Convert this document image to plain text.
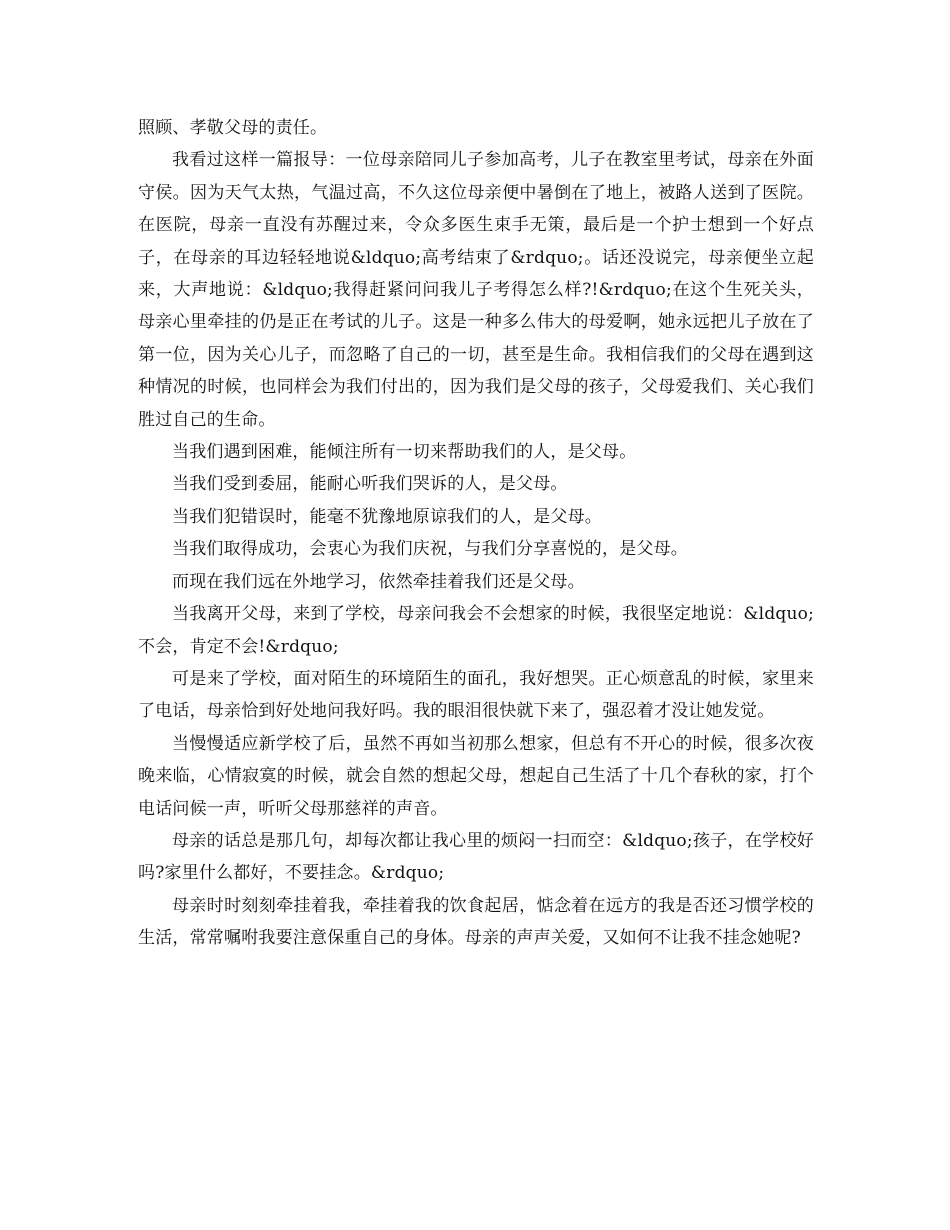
照顾、孝敬父母的责任。

我看过这样一篇报导：一位母亲陪同儿子参加高考，儿子在教室里考试，母亲在外面守侯。因为天气太热，气温过高，不久这位母亲便中暑倒在了地上，被路人送到了医院。在医院，母亲一直没有苏醒过来，令众多医生束手无策，最后是一个护士想到一个好点子，在母亲的耳边轻轻地说&ldquo;高考结束了&rdquo;。话还没说完，母亲便坐立起来，大声地说：&ldquo;我得赶紧问问我儿子考得怎么样?!&rdquo;在这个生死关头，母亲心里牵挂的仍是正在考试的儿子。这是一种多么伟大的母爱啊，她永远把儿子放在了第一位，因为关心儿子，而忽略了自己的一切，甚至是生命。我相信我们的父母在遇到这种情况的时候，也同样会为我们付出的，因为我们是父母的孩子，父母爱我们、关心我们胜过自己的生命。

当我们遇到困难，能倾注所有一切来帮助我们的人，是父母。

当我们受到委屈，能耐心听我们哭诉的人，是父母。

当我们犯错误时，能毫不犹豫地原谅我们的人，是父母。

当我们取得成功，会衷心为我们庆祝，与我们分享喜悦的，是父母。

而现在我们远在外地学习，依然牵挂着我们还是父母。

当我离开父母，来到了学校，母亲问我会不会想家的时候，我很坚定地说：&ldquo;不会，肯定不会!&rdquo;

可是来了学校，面对陌生的环境陌生的面孔，我好想哭。正心烦意乱的时候，家里来了电话，母亲恰到好处地问我好吗。我的眼泪很快就下来了，强忍着才没让她发觉。

当慢慢适应新学校了后，虽然不再如当初那么想家，但总有不开心的时候，很多次夜晚来临，心情寂寞的时候，就会自然的想起父母，想起自己生活了十几个春秋的家，打个电话问候一声，听听父母那慈祥的声音。

母亲的话总是那几句，却每次都让我心里的烦闷一扫而空：&ldquo;孩子，在学校好吗?家里什么都好，不要挂念。&rdquo;

母亲时时刻刻牵挂着我，牵挂着我的饮食起居，惦念着在远方的我是否还习惯学校的生活，常常嘱咐我要注意保重自己的身体。母亲的声声关爱，又如何不让我不挂念她呢?
